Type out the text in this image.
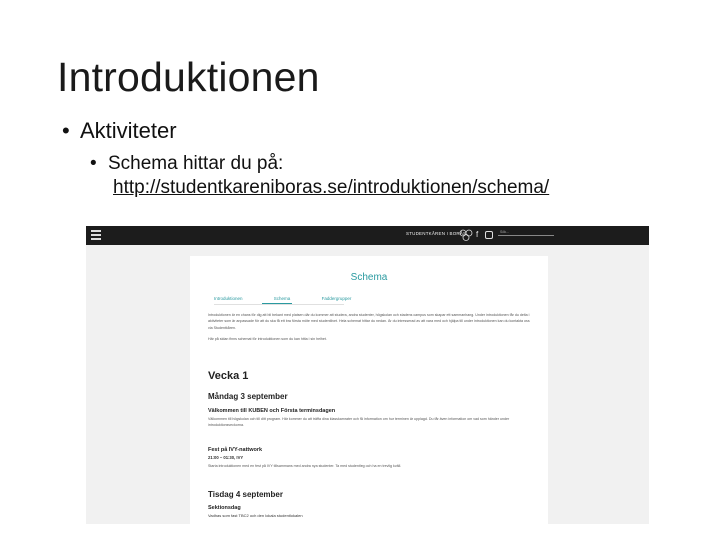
Introduktionen
• Aktiviteter
• Schema hittar du på:
http://studentkareniboras.se/introduktionen/schema/
STUDENTKÅREN I BORÅS f	Sök...
Schema
Introduktionen	Schema	Faddergrupper

Introduktionen är en chans för dig att bli bekant med platsen där du kommer att studera, andra studenter, högskolan och stadens campus som skapar ett sammanhang. Under introduktionen får du delta i aktiviteter som är anpassade för att du ska få ett bra första möte med studentlivet. Hela schemat hittar du nedan. Är du intresserad av att vara med och hjälpa till under introduktionen kan du kontakta oss via Studentkåren.

Här på sidan finns schemat för introduktionen som du kan hitta i sin helhet.

Vecka 1
Måndag 3 september
Välkommen till KUBEN och Första terminsdagen
Välkommen till högskolan och till ditt program. Här kommer du att träffa dina klasskamrater och få information om hur terminen är upplagd. Du får även information om vad som händer under introduktionsveckorna.
Fest på IVY-nattwork
21:00 – 01:30, IVY
Starta introduktionen med en fest på IVY tillsammans med andra nya studenter. Ta med studentleg och ha en trevlig kväll.
Tisdag 4 september
Sektionsdag
Vadhas som fast TBC2 och den lokala studentlokalen
